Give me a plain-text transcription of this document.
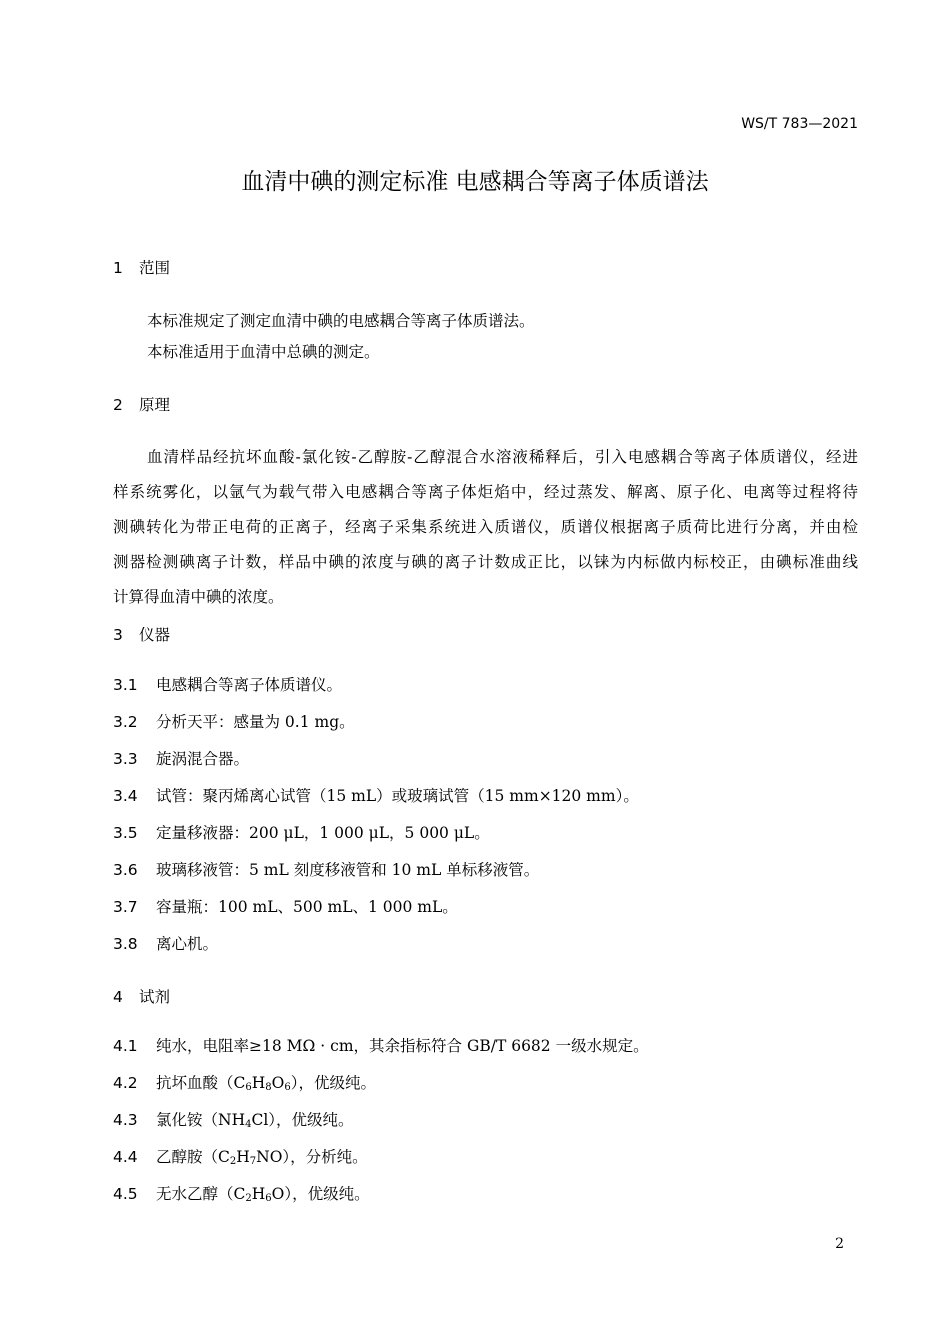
WS/T 783—2021
血清中碘的测定标准 电感耦合等离子体质谱法
1 范围
本标准规定了测定血清中碘的电感耦合等离子体质谱法。
本标准适用于血清中总碘的测定。
2 原理
血清样品经抗坏血酸-氯化铵-乙醇胺-乙醇混合水溶液稀释后，引入电感耦合等离子体质谱仪，经进
样系统雾化，以氩气为载气带入电感耦合等离子体炬焰中，经过蒸发、解离、原子化、电离等过程将待
测碘转化为带正电荷的正离子，经离子采集系统进入质谱仪，质谱仪根据离子质荷比进行分离，并由检
测器检测碘离子计数，样品中碘的浓度与碘的离子计数成正比，以铼为内标做内标校正，由碘标准曲线
计算得血清中碘的浓度。
3 仪器
3.1 电感耦合等离子体质谱仪。
3.2 分析天平：感量为 0.1 mg。
3.3 旋涡混合器。
3.4 试管：聚丙烯离心试管（15 mL）或玻璃试管（15 mm×120 mm）。
3.5 定量移液器：200 μL，1 000 μL，5 000 μL。
3.6 玻璃移液管：5 mL 刻度移液管和 10 mL 单标移液管。
3.7 容量瓶：100 mL、500 mL、1 000 mL。
3.8 离心机。
4 试剂
4.1 纯水，电阻率≥18 MΩ · cm，其余指标符合 GB/T 6682 一级水规定。
4.2 抗坏血酸$(C_6H_8O_6)$，优级纯。
4.3 氯化铵$(NH_4Cl)$，优级纯。
4.4 乙醇胺$(C_2H_7NO)$，分析纯。
4.5 无水乙醇$(C_2H_6O)$，优级纯。
2
